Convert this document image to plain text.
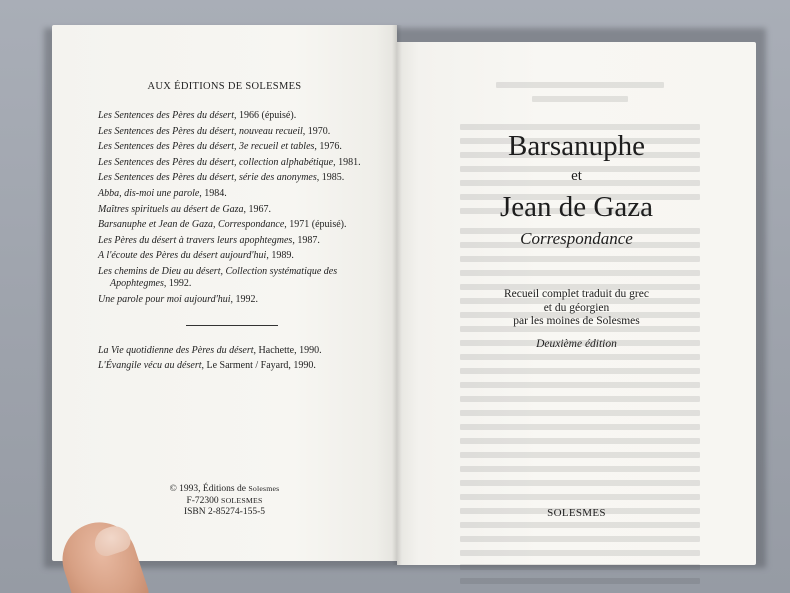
AUX ÉDITIONS DE SOLESMES
Les Sentences des Pères du désert, 1966 (épuisé).
Les Sentences des Pères du désert, nouveau recueil, 1970.
Les Sentences des Pères du désert, 3e recueil et tables, 1976.
Les Sentences des Pères du désert, collection alphabétique, 1981.
Les Sentences des Pères du désert, série des anonymes, 1985.
Abba, dis-moi une parole, 1984.
Maîtres spirituels au désert de Gaza, 1967.
Barsanuphe et Jean de Gaza, Correspondance, 1971 (épuisé).
Les Pères du désert à travers leurs apophtegmes, 1987.
A l'écoute des Pères du désert aujourd'hui, 1989.
Les chemins de Dieu au désert, Collection systématique des Apophtegmes, 1992.
Une parole pour moi aujourd'hui, 1992.
La Vie quotidienne des Pères du désert, Hachette, 1990.
L'Évangile vécu au désert, Le Sarment / Fayard, 1990.
© 1993, Éditions de Solesmes
F-72300 SOLESMES
ISBN 2-85274-155-5
Barsanuphe
et
Jean de Gaza
Correspondance
Recueil complet traduit du grec
et du géorgien
par les moines de Solesmes
Deuxième édition
SOLESMES
